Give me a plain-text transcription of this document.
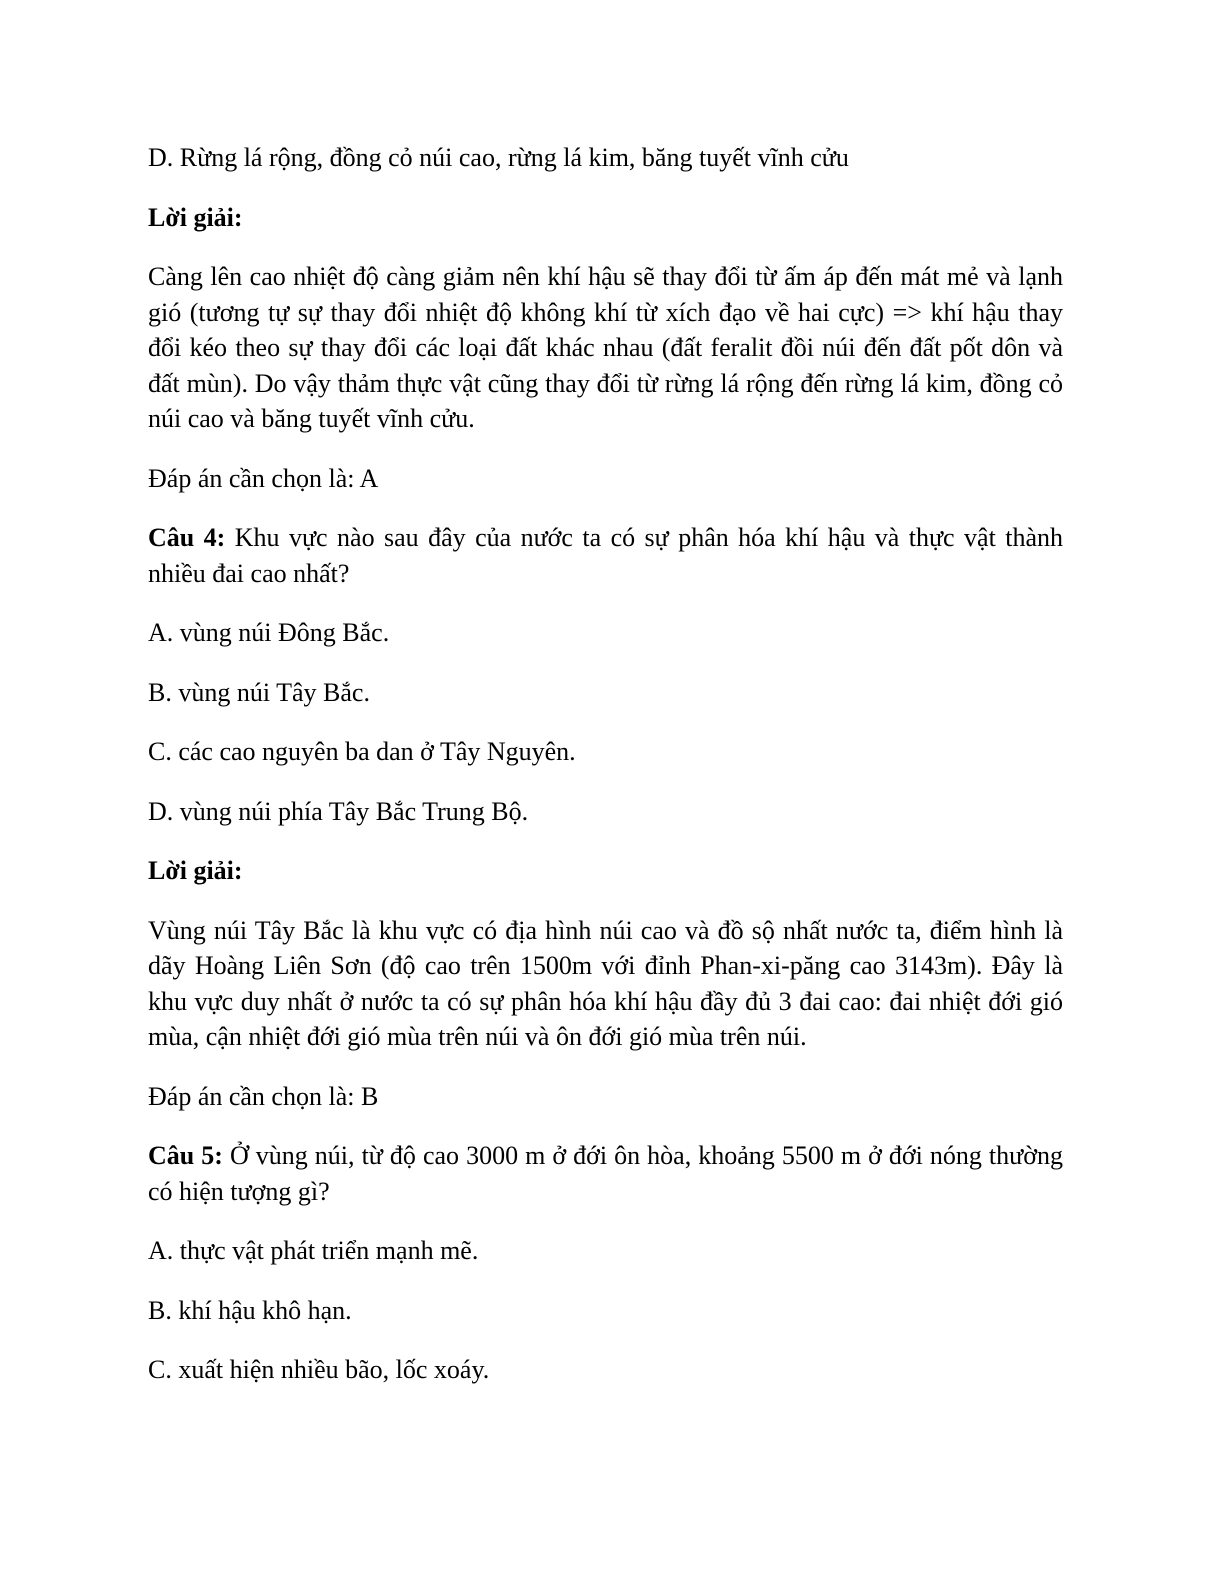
D. Rừng lá rộng, đồng cỏ núi cao, rừng lá kim, băng tuyết vĩnh cửu

Lời giải:

Càng lên cao nhiệt độ càng giảm nên khí hậu sẽ thay đổi từ ấm áp đến mát mẻ và lạnh gió (tương tự sự thay đổi nhiệt độ không khí từ xích đạo về hai cực) => khí hậu thay đổi kéo theo sự thay đổi các loại đất khác nhau (đất feralit đồi núi đến đất pốt dôn và đất mùn). Do vậy thảm thực vật cũng thay đổi từ rừng lá rộng đến rừng lá kim, đồng cỏ núi cao và băng tuyết vĩnh cửu.

Đáp án cần chọn là: A

Câu 4: Khu vực nào sau đây của nước ta có sự phân hóa khí hậu và thực vật thành nhiều đai cao nhất?

A. vùng núi Đông Bắc.

B. vùng núi Tây Bắc.

C. các cao nguyên ba dan ở Tây Nguyên.

D. vùng núi phía Tây Bắc Trung Bộ.

Lời giải:

Vùng núi Tây Bắc là khu vực có địa hình núi cao và đồ sộ nhất nước ta, điểm hình là dãy Hoàng Liên Sơn (độ cao trên 1500m với đỉnh Phan-xi-păng cao 3143m). Đây là khu vực duy nhất ở nước ta có sự phân hóa khí hậu đầy đủ 3 đai cao: đai nhiệt đới gió mùa, cận nhiệt đới gió mùa trên núi và ôn đới gió mùa trên núi.

Đáp án cần chọn là: B

Câu 5: Ở vùng núi, từ độ cao 3000 m ở đới ôn hòa, khoảng 5500 m ở đới nóng thường có hiện tượng gì?

A. thực vật phát triển mạnh mẽ.

B. khí hậu khô hạn.

C. xuất hiện nhiều bão, lốc xoáy.
